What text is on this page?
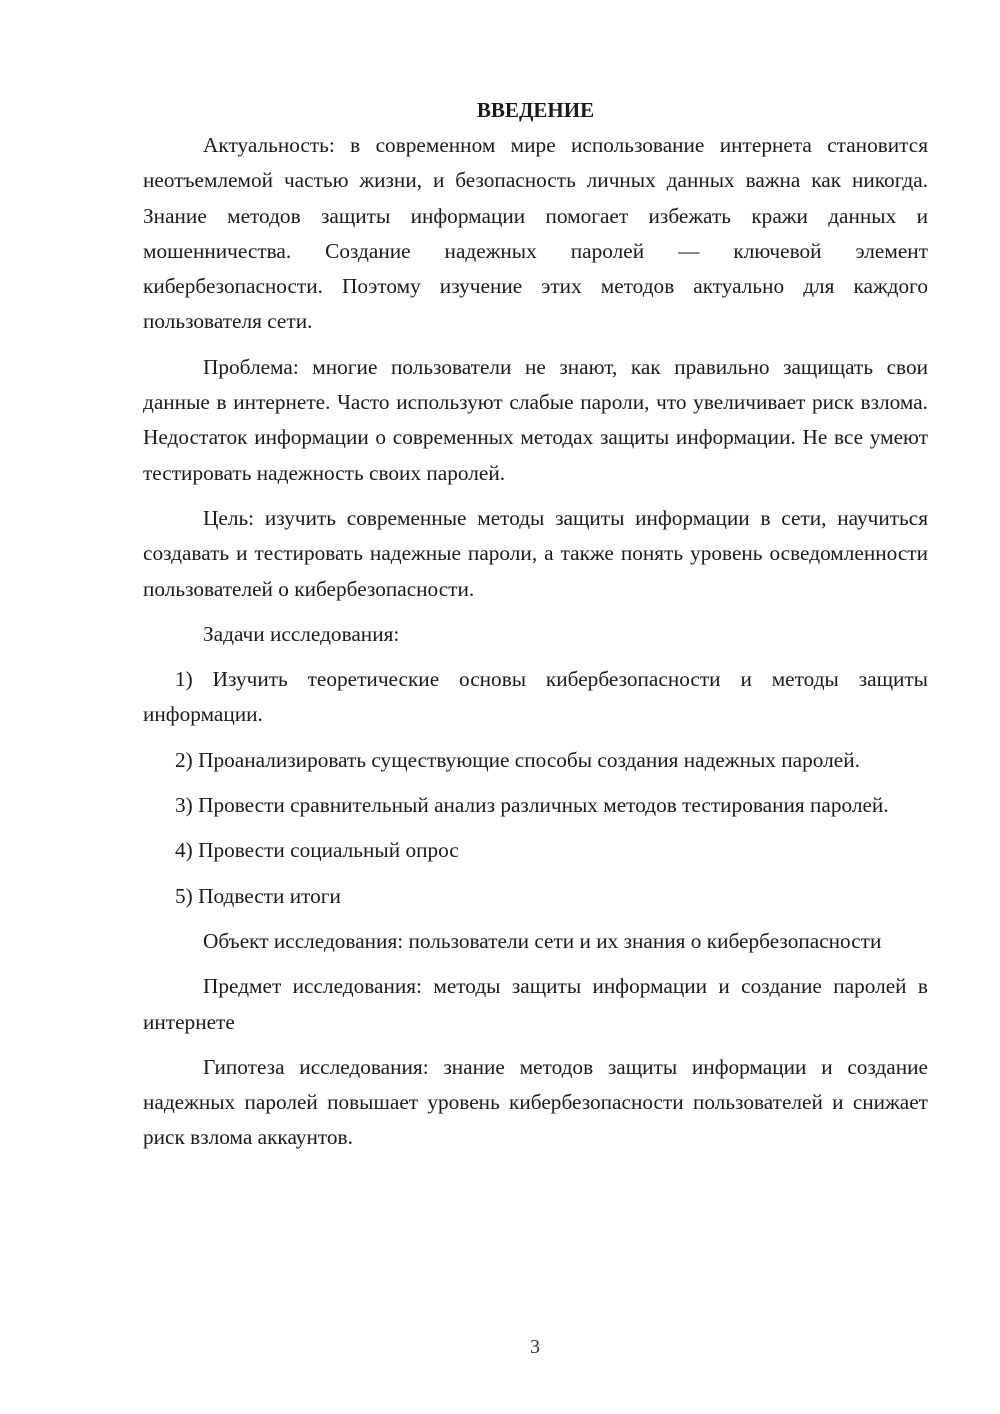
ВВЕДЕНИЕ

Актуальность: в современном мире использование интернета становится неотъемлемой частью жизни, и безопасность личных данных важна как никогда. Знание методов защиты информации помогает избежать кражи данных и мошенничества. Создание надежных паролей — ключевой элемент кибербезопасности. Поэтому изучение этих методов актуально для каждого пользователя сети.

Проблема: многие пользователи не знают, как правильно защищать свои данные в интернете. Часто используют слабые пароли, что увеличивает риск взлома. Недостаток информации о современных методах защиты информации. Не все умеют тестировать надежность своих паролей.

Цель: изучить современные методы защиты информации в сети, научиться создавать и тестировать надежные пароли, а также понять уровень осведомленности пользователей о кибербезопасности.

Задачи исследования:

1) Изучить теоретические основы кибербезопасности и методы защиты информации.

2) Проанализировать существующие способы создания надежных паролей.

3) Провести сравнительный анализ различных методов тестирования паролей.

4) Провести социальный опрос

5) Подвести итоги

Объект исследования: пользователи сети и их знания о кибербезопасности

Предмет исследования: методы защиты информации и создание паролей в интернете

Гипотеза исследования: знание методов защиты информации и создание надежных паролей повышает уровень кибербезопасности пользователей и снижает риск взлома аккаунтов.

3
